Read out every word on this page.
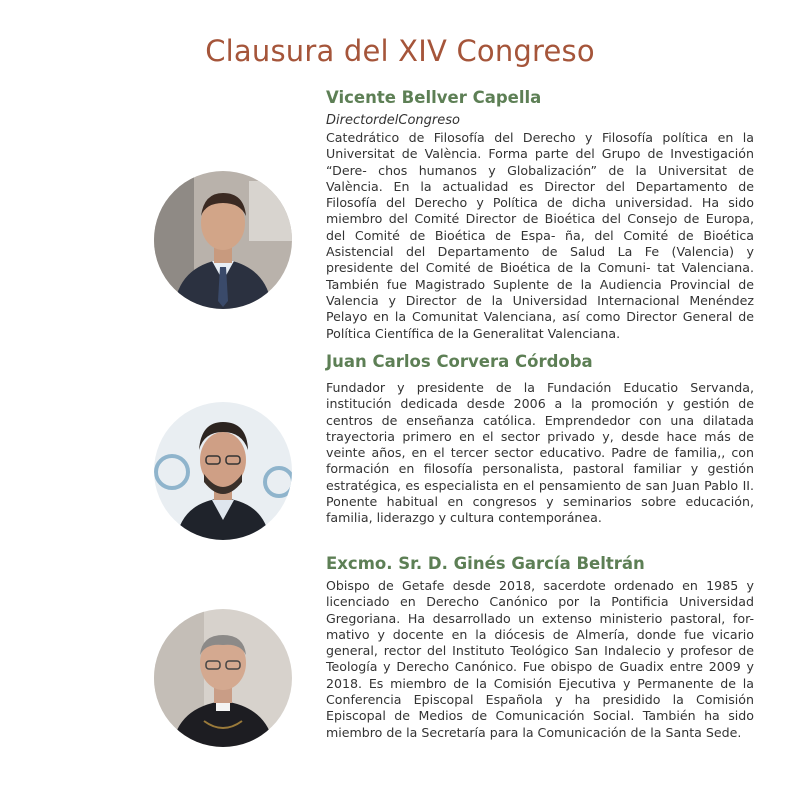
Clausura del XIV Congreso
Vicente Bellver Capella

DirectordelCongreso

Catedrático de Filosofía del Derecho y Filosofía política en la Universitat de València. Forma parte del Grupo de Investigación “Dere- chos humanos y Globalización” de la Universitat de València. En la actualidad es Director del Departamento de Filosofía del Derecho y Política de dicha universidad. Ha sido miembro del Comité Director de Bioética del Consejo de Europa, del Comité de Bioética de Espa- ña, del Comité de Bioética Asistencial del Departamento de Salud La Fe (Valencia) y presidente del Comité de Bioética de la Comuni- tat Valenciana. También fue Magistrado Suplente de la Audiencia Provincial de Valencia y Director de la Universidad Internacional Menéndez Pelayo en la Comunitat Valenciana, así como Director General de Política Científica de la Generalitat Valenciana.

Juan Carlos Corvera Córdoba

Fundador y presidente de la Fundación Educatio Servanda, institución dedicada desde 2006 a la promoción y gestión de centros de enseñanza católica. Emprendedor con una dilatada trayectoria primero en el sector privado y, desde hace más de veinte años, en el tercer sector educativo. Padre de familia,, con formación en filosofía personalista, pastoral familiar y gestión estratégica, es especialista en el pensamiento de san Juan Pablo II. Ponente habitual en congresos y seminarios sobre educación, familia, liderazgo y cultura contemporánea.

Excmo. Sr. D. Ginés García Beltrán

Obispo de Getafe desde 2018, sacerdote ordenado en 1985 y licenciado en Derecho Canónico por la Pontificia Universidad Gregoriana. Ha desarrollado un extenso ministerio pastoral, for- mativo y docente en la diócesis de Almería, donde fue vicario general, rector del Instituto Teológico San Indalecio y profesor de Teología y Derecho Canónico. Fue obispo de Guadix entre 2009 y 2018. Es miembro de la Comisión Ejecutiva y Permanente de la Conferencia Episcopal Española y ha presidido la Comisión Episcopal de Medios de Comunicación Social. También ha sido miembro de la Secretaría para la Comunicación de la Santa Sede.
